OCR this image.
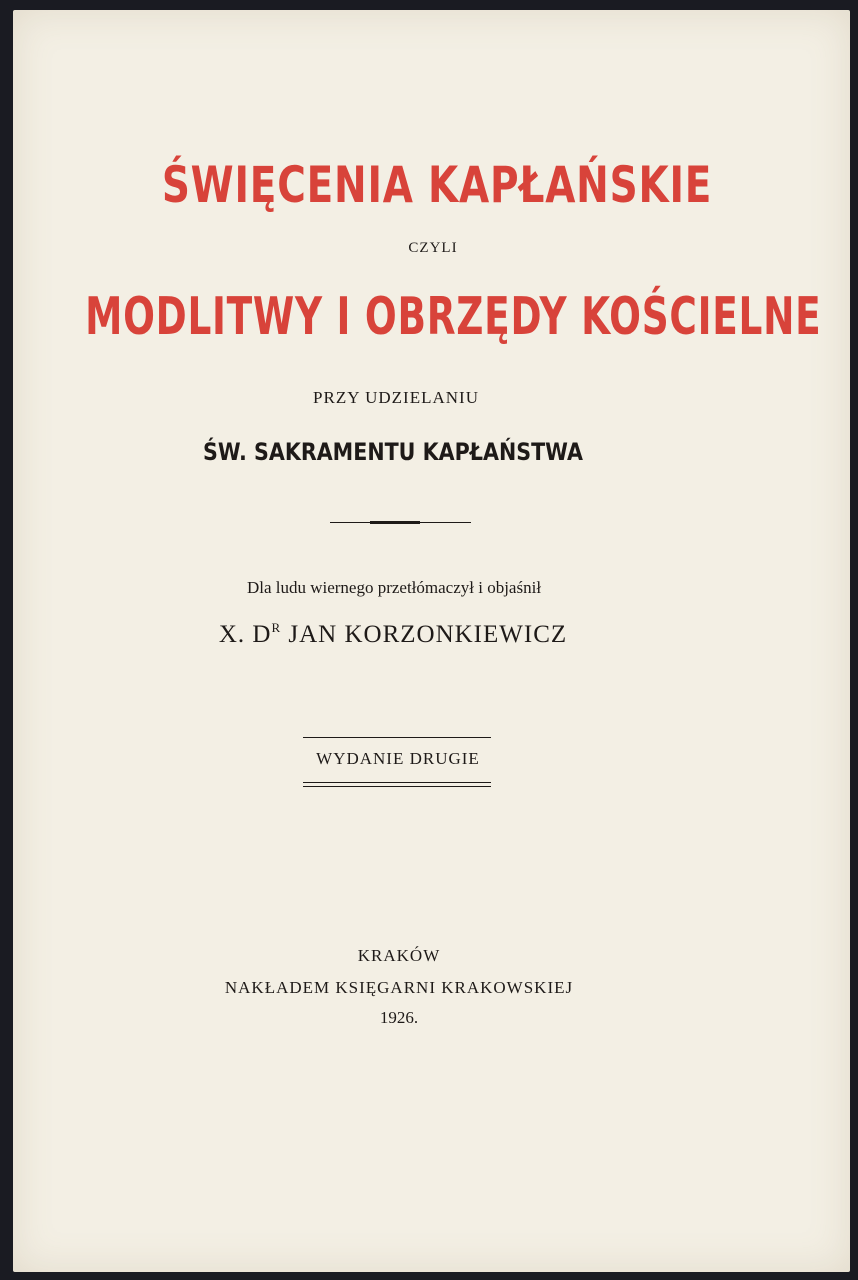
ŚWIĘCENIA KAPŁAŃSKIE
CZYLI
MODLITWY I OBRZĘDY KOŚCIELNE
PRZY UDZIELANIU
ŚW. SAKRAMENTU KAPŁAŃSTWA
Dla ludu wiernego przetłómaczył i objaśnił
X. $D^R$ JAN KORZONKIEWICZ
WYDANIE DRUGIE
KRAKÓW
NAKŁADEM KSIĘGARNI KRAKOWSKIEJ
1926.
